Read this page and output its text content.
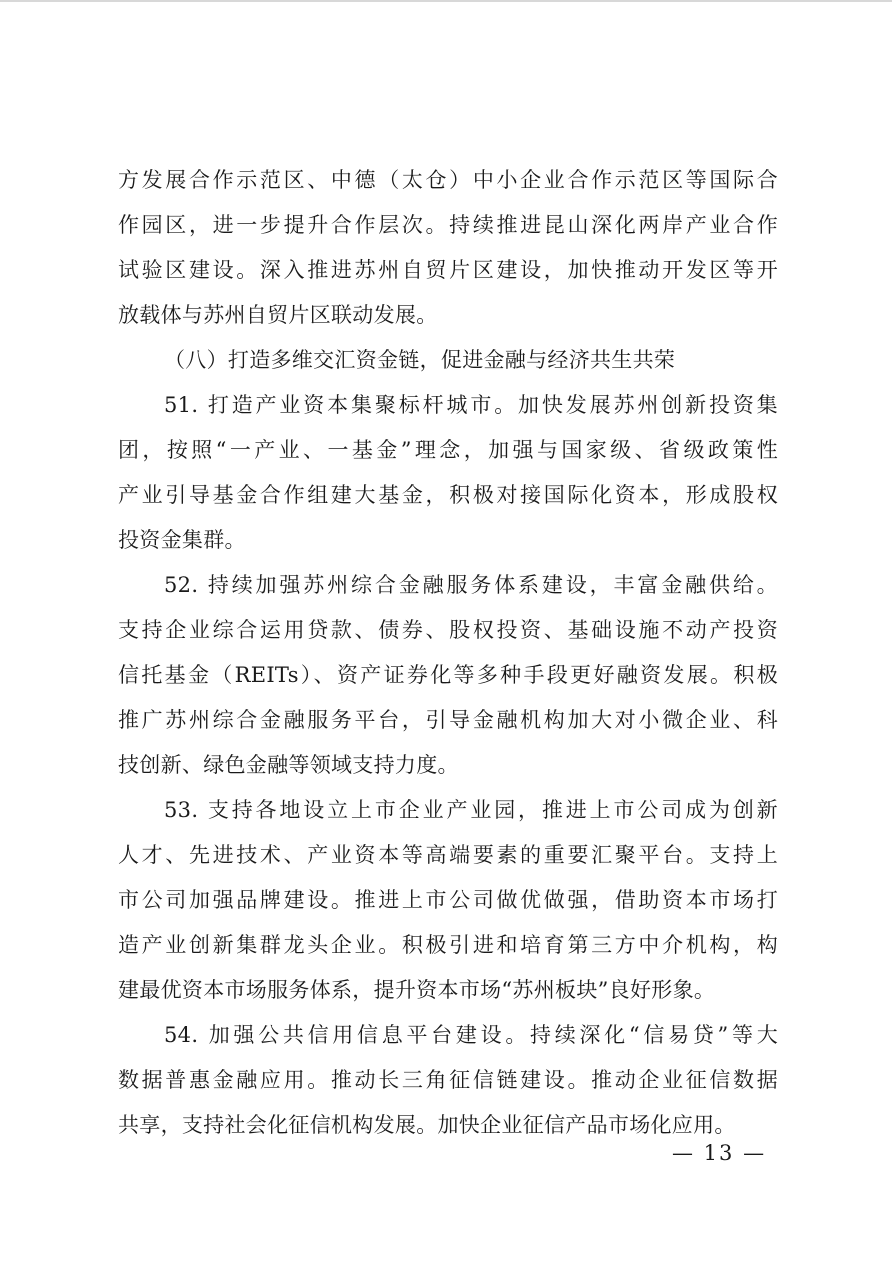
方发展合作示范区、中德（太仓）中小企业合作示范区等国际合
作园区，进一步提升合作层次。持续推进昆山深化两岸产业合作
试验区建设。深入推进苏州自贸片区建设，加快推动开发区等开
放载体与苏州自贸片区联动发展。
（八）打造多维交汇资金链，促进金融与经济共生共荣
51. 打造产业资本集聚标杆城市。加快发展苏州创新投资集
团，按照“一产业、一基金”理念，加强与国家级、省级政策性
产业引导基金合作组建大基金，积极对接国际化资本，形成股权
投资金集群。
52. 持续加强苏州综合金融服务体系建设，丰富金融供给。
支持企业综合运用贷款、债券、股权投资、基础设施不动产投资
信托基金（REITs）、资产证券化等多种手段更好融资发展。积极
推广苏州综合金融服务平台，引导金融机构加大对小微企业、科
技创新、绿色金融等领域支持力度。
53. 支持各地设立上市企业产业园，推进上市公司成为创新
人才、先进技术、产业资本等高端要素的重要汇聚平台。支持上
市公司加强品牌建设。推进上市公司做优做强，借助资本市场打
造产业创新集群龙头企业。积极引进和培育第三方中介机构，构
建最优资本市场服务体系，提升资本市场“苏州板块”良好形象。
54. 加强公共信用信息平台建设。持续深化“信易贷”等大
数据普惠金融应用。推动长三角征信链建设。推动企业征信数据
共享，支持社会化征信机构发展。加快企业征信产品市场化应用。
— 13 —
